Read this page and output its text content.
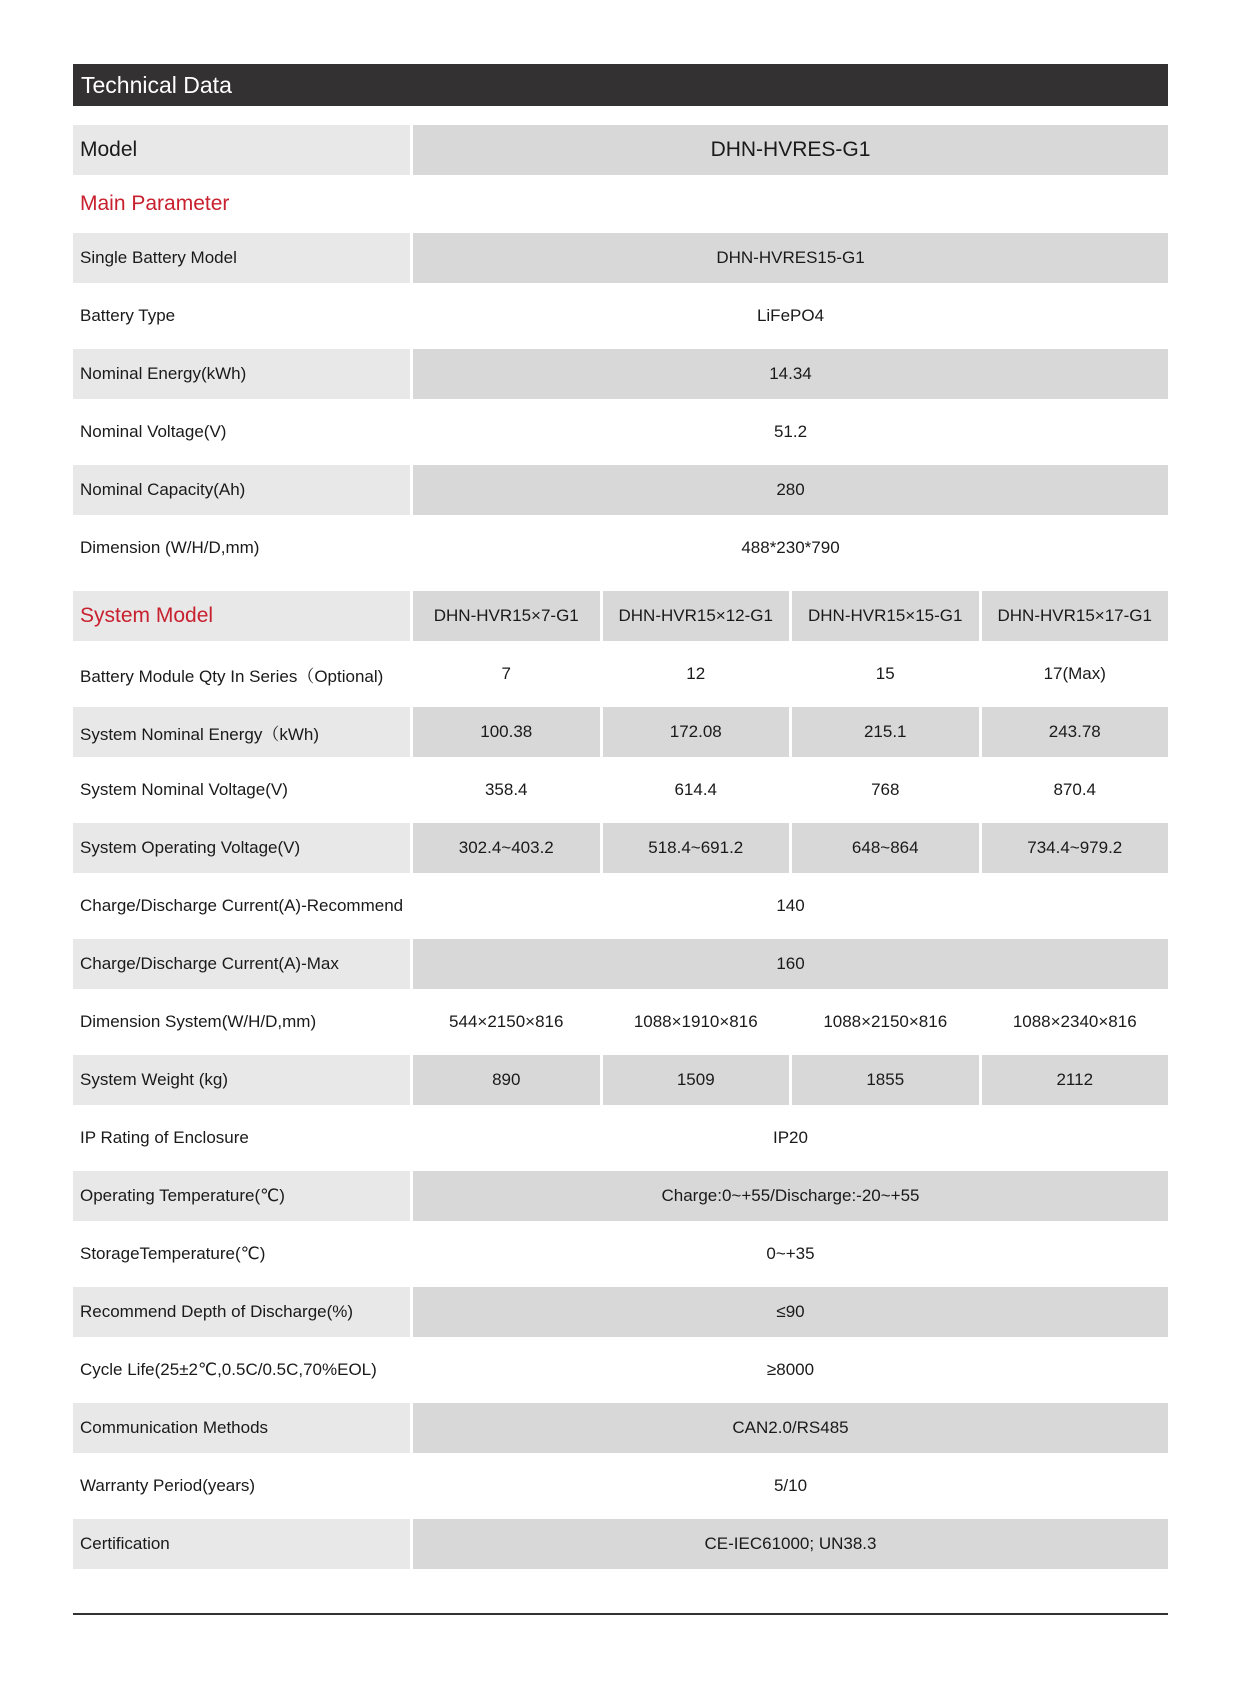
Technical Data
Model	DHN-HVRES-G1
Main Parameter
Single Battery Model	DHN-HVRES15-G1
Battery Type	LiFePO4
Nominal Energy(kWh)	14.34
Nominal Voltage(V)	51.2
Nominal Capacity(Ah)	280
Dimension (W/H/D,mm)	488*230*790
System Model	DHN-HVR15×7-G1	DHN-HVR15×12-G1	DHN-HVR15×15-G1	DHN-HVR15×17-G1
Battery Module Qty In Series（Optional)	7	12	15	17(Max)
System Nominal Energy（kWh)	100.38	172.08	215.1	243.78
System Nominal Voltage(V)	358.4	614.4	768	870.4
System Operating Voltage(V)	302.4~403.2	518.4~691.2	648~864	734.4~979.2
Charge/Discharge Current(A)-Recommend	140
Charge/Discharge Current(A)-Max	160
Dimension System(W/H/D,mm)	544×2150×816	1088×1910×816	1088×2150×816	1088×2340×816
System Weight (kg)	890	1509	1855	2112
IP Rating of Enclosure	IP20
Operating Temperature(℃)	Charge:0~+55/Discharge:-20~+55
StorageTemperature(℃)	0~+35
Recommend Depth of Discharge(%)	≤90
Cycle Life(25±2℃,0.5C/0.5C,70%EOL)	≥8000
Communication Methods	CAN2.0/RS485
Warranty Period(years)	5/10
Certification	CE-IEC61000; UN38.3
